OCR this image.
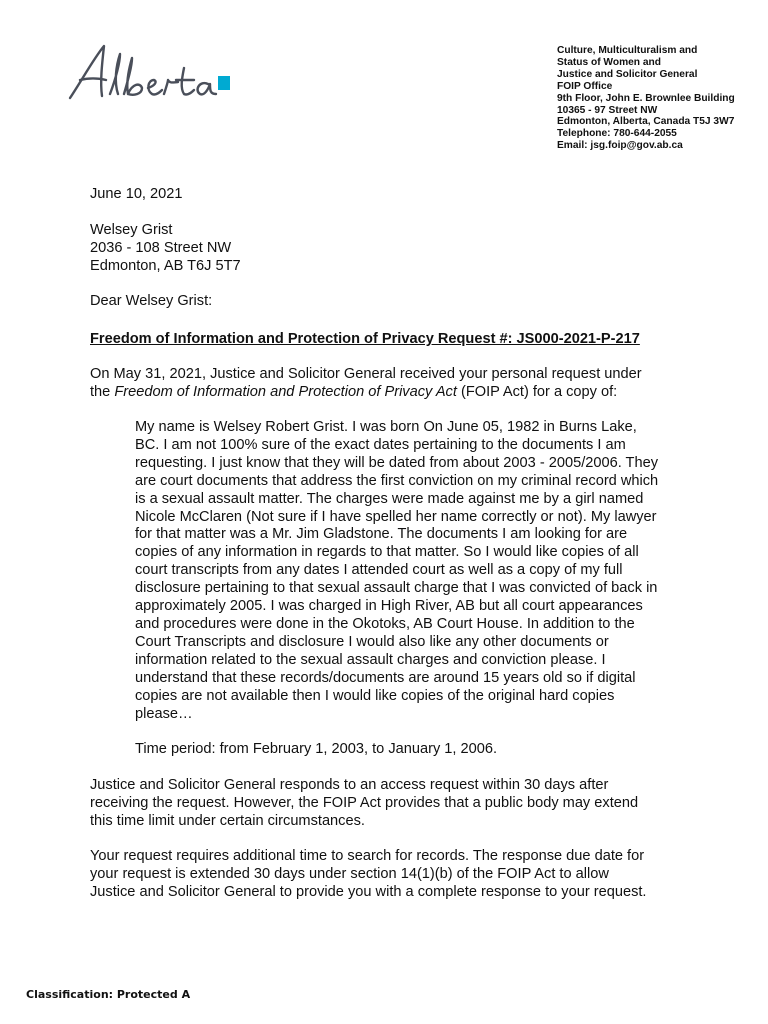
Culture, Multiculturalism and
Status of Women and
Justice and Solicitor General
FOIP Office
9th Floor, John E. Brownlee Building
10365 - 97 Street NW
Edmonton, Alberta, Canada T5J 3W7
Telephone: 780-644-2055
Email: jsg.foip@gov.ab.ca
June 10, 2021
Welsey Grist
2036 - 108 Street NW
Edmonton, AB T6J 5T7
Dear Welsey Grist:
Freedom of Information and Protection of Privacy Request #: JS000-2021-P-217
On May 31, 2021, Justice and Solicitor General received your personal request under
the Freedom of Information and Protection of Privacy Act (FOIP Act) for a copy of:
My name is Welsey Robert Grist. I was born On June 05, 1982 in Burns Lake,
BC. I am not 100% sure of the exact dates pertaining to the documents I am
requesting. I just know that they will be dated from about 2003 - 2005/2006. They
are court documents that address the first conviction on my criminal record which
is a sexual assault matter. The charges were made against me by a girl named
Nicole McClaren (Not sure if I have spelled her name correctly or not). My lawyer
for that matter was a Mr. Jim Gladstone. The documents I am looking for are
copies of any information in regards to that matter. So I would like copies of all
court transcripts from any dates I attended court as well as a copy of my full
disclosure pertaining to that sexual assault charge that I was convicted of back in
approximately 2005. I was charged in High River, AB but all court appearances
and procedures were done in the Okotoks, AB Court House. In addition to the
Court Transcripts and disclosure I would also like any other documents or
information related to the sexual assault charges and conviction please. I
understand that these records/documents are around 15 years old so if digital
copies are not available then I would like copies of the original hard copies
please…
Time period: from February 1, 2003, to January 1, 2006.
Justice and Solicitor General responds to an access request within 30 days after
receiving the request. However, the FOIP Act provides that a public body may extend
this time limit under certain circumstances.
Your request requires additional time to search for records. The response due date for
your request is extended 30 days under section 14(1)(b) of the FOIP Act to allow
Justice and Solicitor General to provide you with a complete response to your request.
Classification: Protected A
